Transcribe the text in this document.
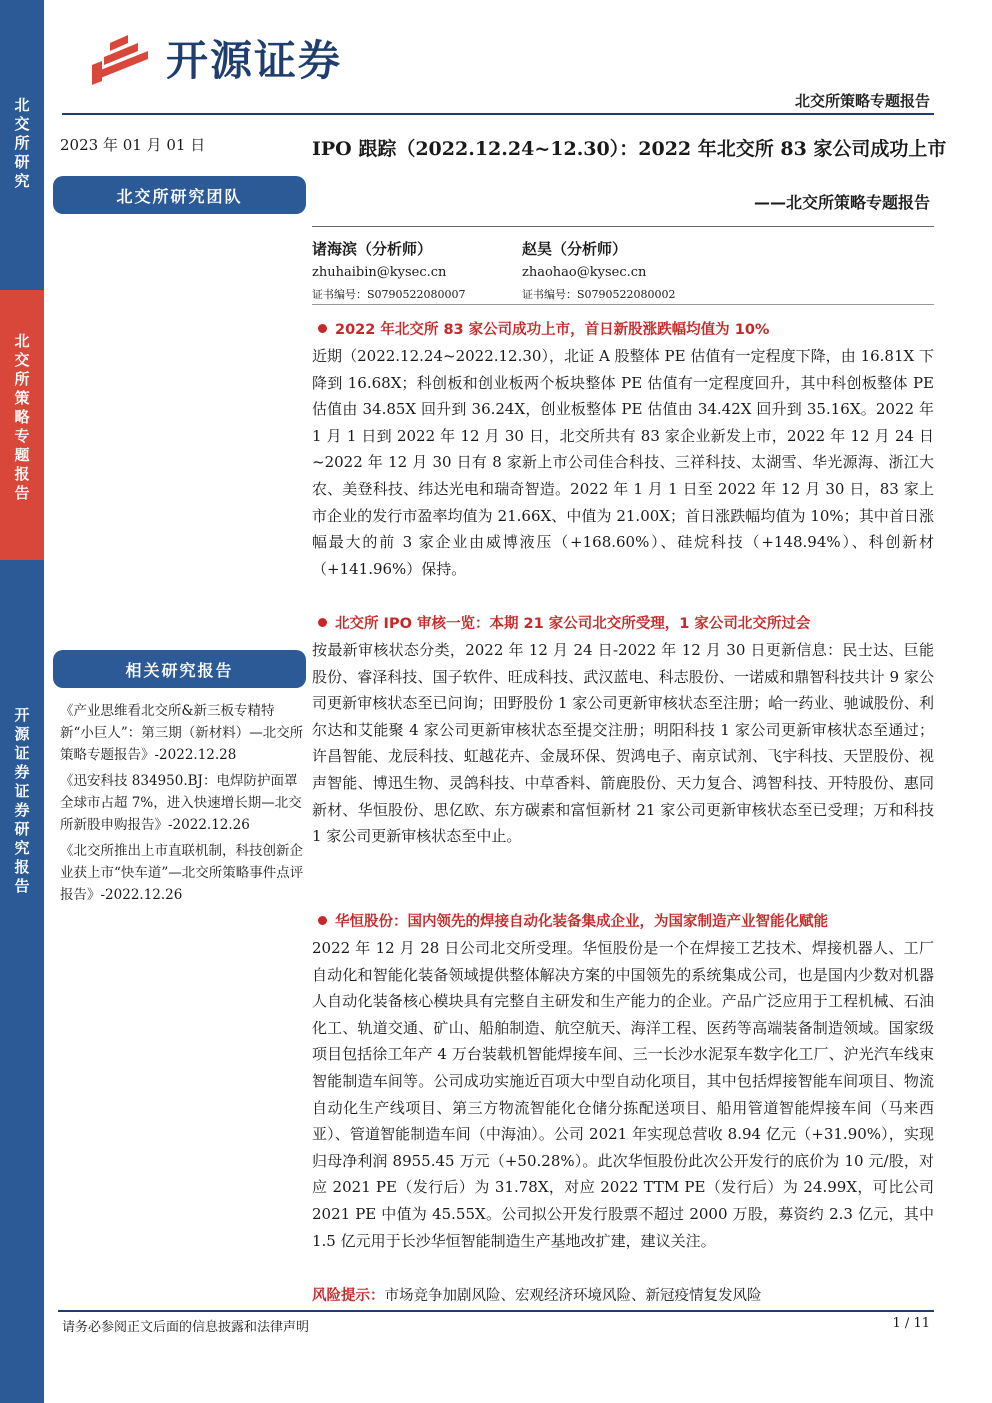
北交所研究
北交所策略专题报告
开源证券证券研究报告
开源证券
北交所策略专题报告
2023 年 01 月 01 日
北交所研究团队
相关研究报告

《产业思维看北交所&新三板专精特新“小巨人”：第三期（新材料）—北交所策略专题报告》-2022.12.28

《迅安科技 834950.BJ：电焊防护面罩全球市占超 7%，进入快速增长期—北交所新股申购报告》-2022.12.26

《北交所推出上市直联机制，科技创新企业获上市“快车道”—北交所策略事件点评报告》-2022.12.26

IPO 跟踪（2022.12.24~12.30）：2022 年北交所 83 家公司成功上市
——北交所策略专题报告
诸海滨（分析师）
zhuhaibin@kysec.cn
证书编号：S0790522080007
赵昊（分析师）
zhaohao@kysec.cn
证书编号：S0790522080002
2022 年北交所 83 家公司成功上市，首日新股涨跌幅均值为 10%
近期（2022.12.24~2022.12.30），北证 A 股整体 PE 估值有一定程度下降，由 16.81X 下降到 16.68X；科创板和创业板两个板块整体 PE 估值有一定程度回升，其中科创板整体 PE 估值由 34.85X 回升到 36.24X，创业板整体 PE 估值由 34.42X 回升到 35.16X。2022 年 1 月 1 日到 2022 年 12 月 30 日，北交所共有 83 家企业新发上市，2022 年 12 月 24 日~2022 年 12 月 30 日有 8 家新上市公司佳合科技、三祥科技、太湖雪、华光源海、浙江大农、美登科技、纬达光电和瑞奇智造。2022 年 1 月 1 日至 2022 年 12 月 30 日，83 家上市企业的发行市盈率均值为 21.66X、中值为 21.00X；首日涨跌幅均值为 10%；其中首日涨幅最大的前 3 家企业由威博液压（+168.60%）、硅烷科技（+148.94%）、科创新材（+141.96%）保持。
北交所 IPO 审核一览：本期 21 家公司北交所受理，1 家公司北交所过会
按最新审核状态分类，2022 年 12 月 24 日-2022 年 12 月 30 日更新信息：民士达、巨能股份、睿泽科技、国子软件、旺成科技、武汉蓝电、科志股份、一诺威和鼎智科技共计 9 家公司更新审核状态至已问询；田野股份 1 家公司更新审核状态至注册；峆一药业、驰诚股份、利尔达和艾能聚 4 家公司更新审核状态至提交注册；明阳科技 1 家公司更新审核状态至通过；许昌智能、龙辰科技、虹越花卉、金晟环保、贺鸿电子、南京试剂、飞宇科技、天罡股份、视声智能、博迅生物、灵鸽科技、中草香料、箭鹿股份、天力复合、鸿智科技、开特股份、惠同新材、华恒股份、思亿欧、东方碳素和富恒新材 21 家公司更新审核状态至已受理；万和科技 1 家公司更新审核状态至中止。
华恒股份：国内领先的焊接自动化装备集成企业，为国家制造产业智能化赋能
2022 年 12 月 28 日公司北交所受理。华恒股份是一个在焊接工艺技术、焊接机器人、工厂自动化和智能化装备领域提供整体解决方案的中国领先的系统集成公司，也是国内少数对机器人自动化装备核心模块具有完整自主研发和生产能力的企业。产品广泛应用于工程机械、石油化工、轨道交通、矿山、船舶制造、航空航天、海洋工程、医药等高端装备制造领域。国家级项目包括徐工年产 4 万台装载机智能焊接车间、三一长沙水泥泵车数字化工厂、沪光汽车线束智能制造车间等。公司成功实施近百项大中型自动化项目，其中包括焊接智能车间项目、物流自动化生产线项目、第三方物流智能化仓储分拣配送项目、船用管道智能焊接车间（马来西亚）、管道智能制造车间（中海油）。公司 2021 年实现总营收 8.94 亿元（+31.90%），实现归母净利润 8955.45 万元（+50.28%）。此次华恒股份此次公开发行的底价为 10 元/股，对应 2021 PE（发行后）为 31.78X，对应 2022 TTM PE（发行后）为 24.99X，可比公司 2021 PE 中值为 45.55X。公司拟公开发行股票不超过 2000 万股，募资约 2.3 亿元，其中 1.5 亿元用于长沙华恒智能制造生产基地改扩建，建议关注。
风险提示：市场竞争加剧风险、宏观经济环境风险、新冠疫情复发风险
请务必参阅正文后面的信息披露和法律声明	1 / 11
